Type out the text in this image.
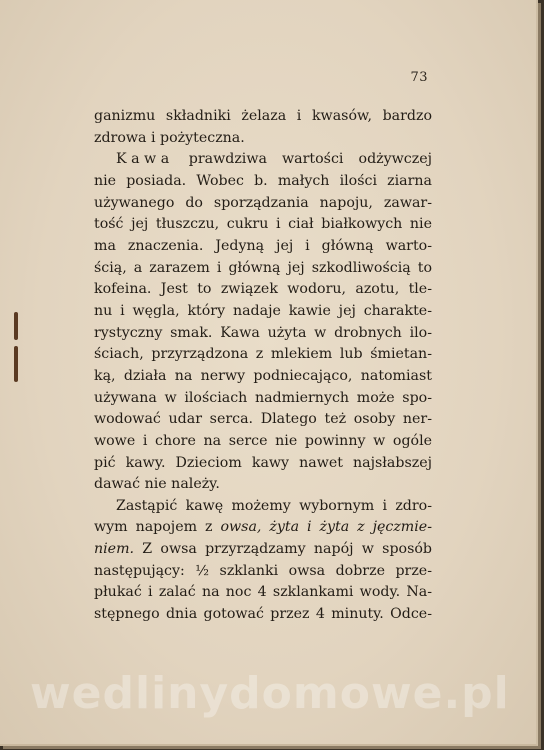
73
ganizmu składniki żelaza i kwasów, bardzo
zdrowa i pożyteczna.
Kawa prawdziwa wartości odżywczej
nie posiada. Wobec b. małych ilości ziarna
używanego do sporządzania napoju, zawar-
tość jej tłuszczu, cukru i ciał białkowych nie
ma znaczenia. Jedyną jej i główną warto-
ścią, a zarazem i główną jej szkodliwością to
kofeina. Jest to związek wodoru, azotu, tle-
nu i węgla, który nadaje kawie jej charakte-
rystyczny smak. Kawa użyta w drobnych ilo-
ściach, przyrządzona z mlekiem lub śmietan-
ką, działa na nerwy podniecająco, natomiast
używana w ilościach nadmiernych może spo-
wodować udar serca. Dlatego też osoby ner-
wowe i chore na serce nie powinny w ogóle
pić kawy. Dzieciom kawy nawet najsłabszej
dawać nie należy.
Zastąpić kawę możemy wybornym i zdro-
wym napojem z owsa, żyta i żyta z jęczmie-
niem. Z owsa przyrządzamy napój w sposób
następujący: ½ szklanki owsa dobrze prze-
płukać i zalać na noc 4 szklankami wody. Na-
stępnego dnia gotować przez 4 minuty. Odce-
wedlinydomowe.pl
